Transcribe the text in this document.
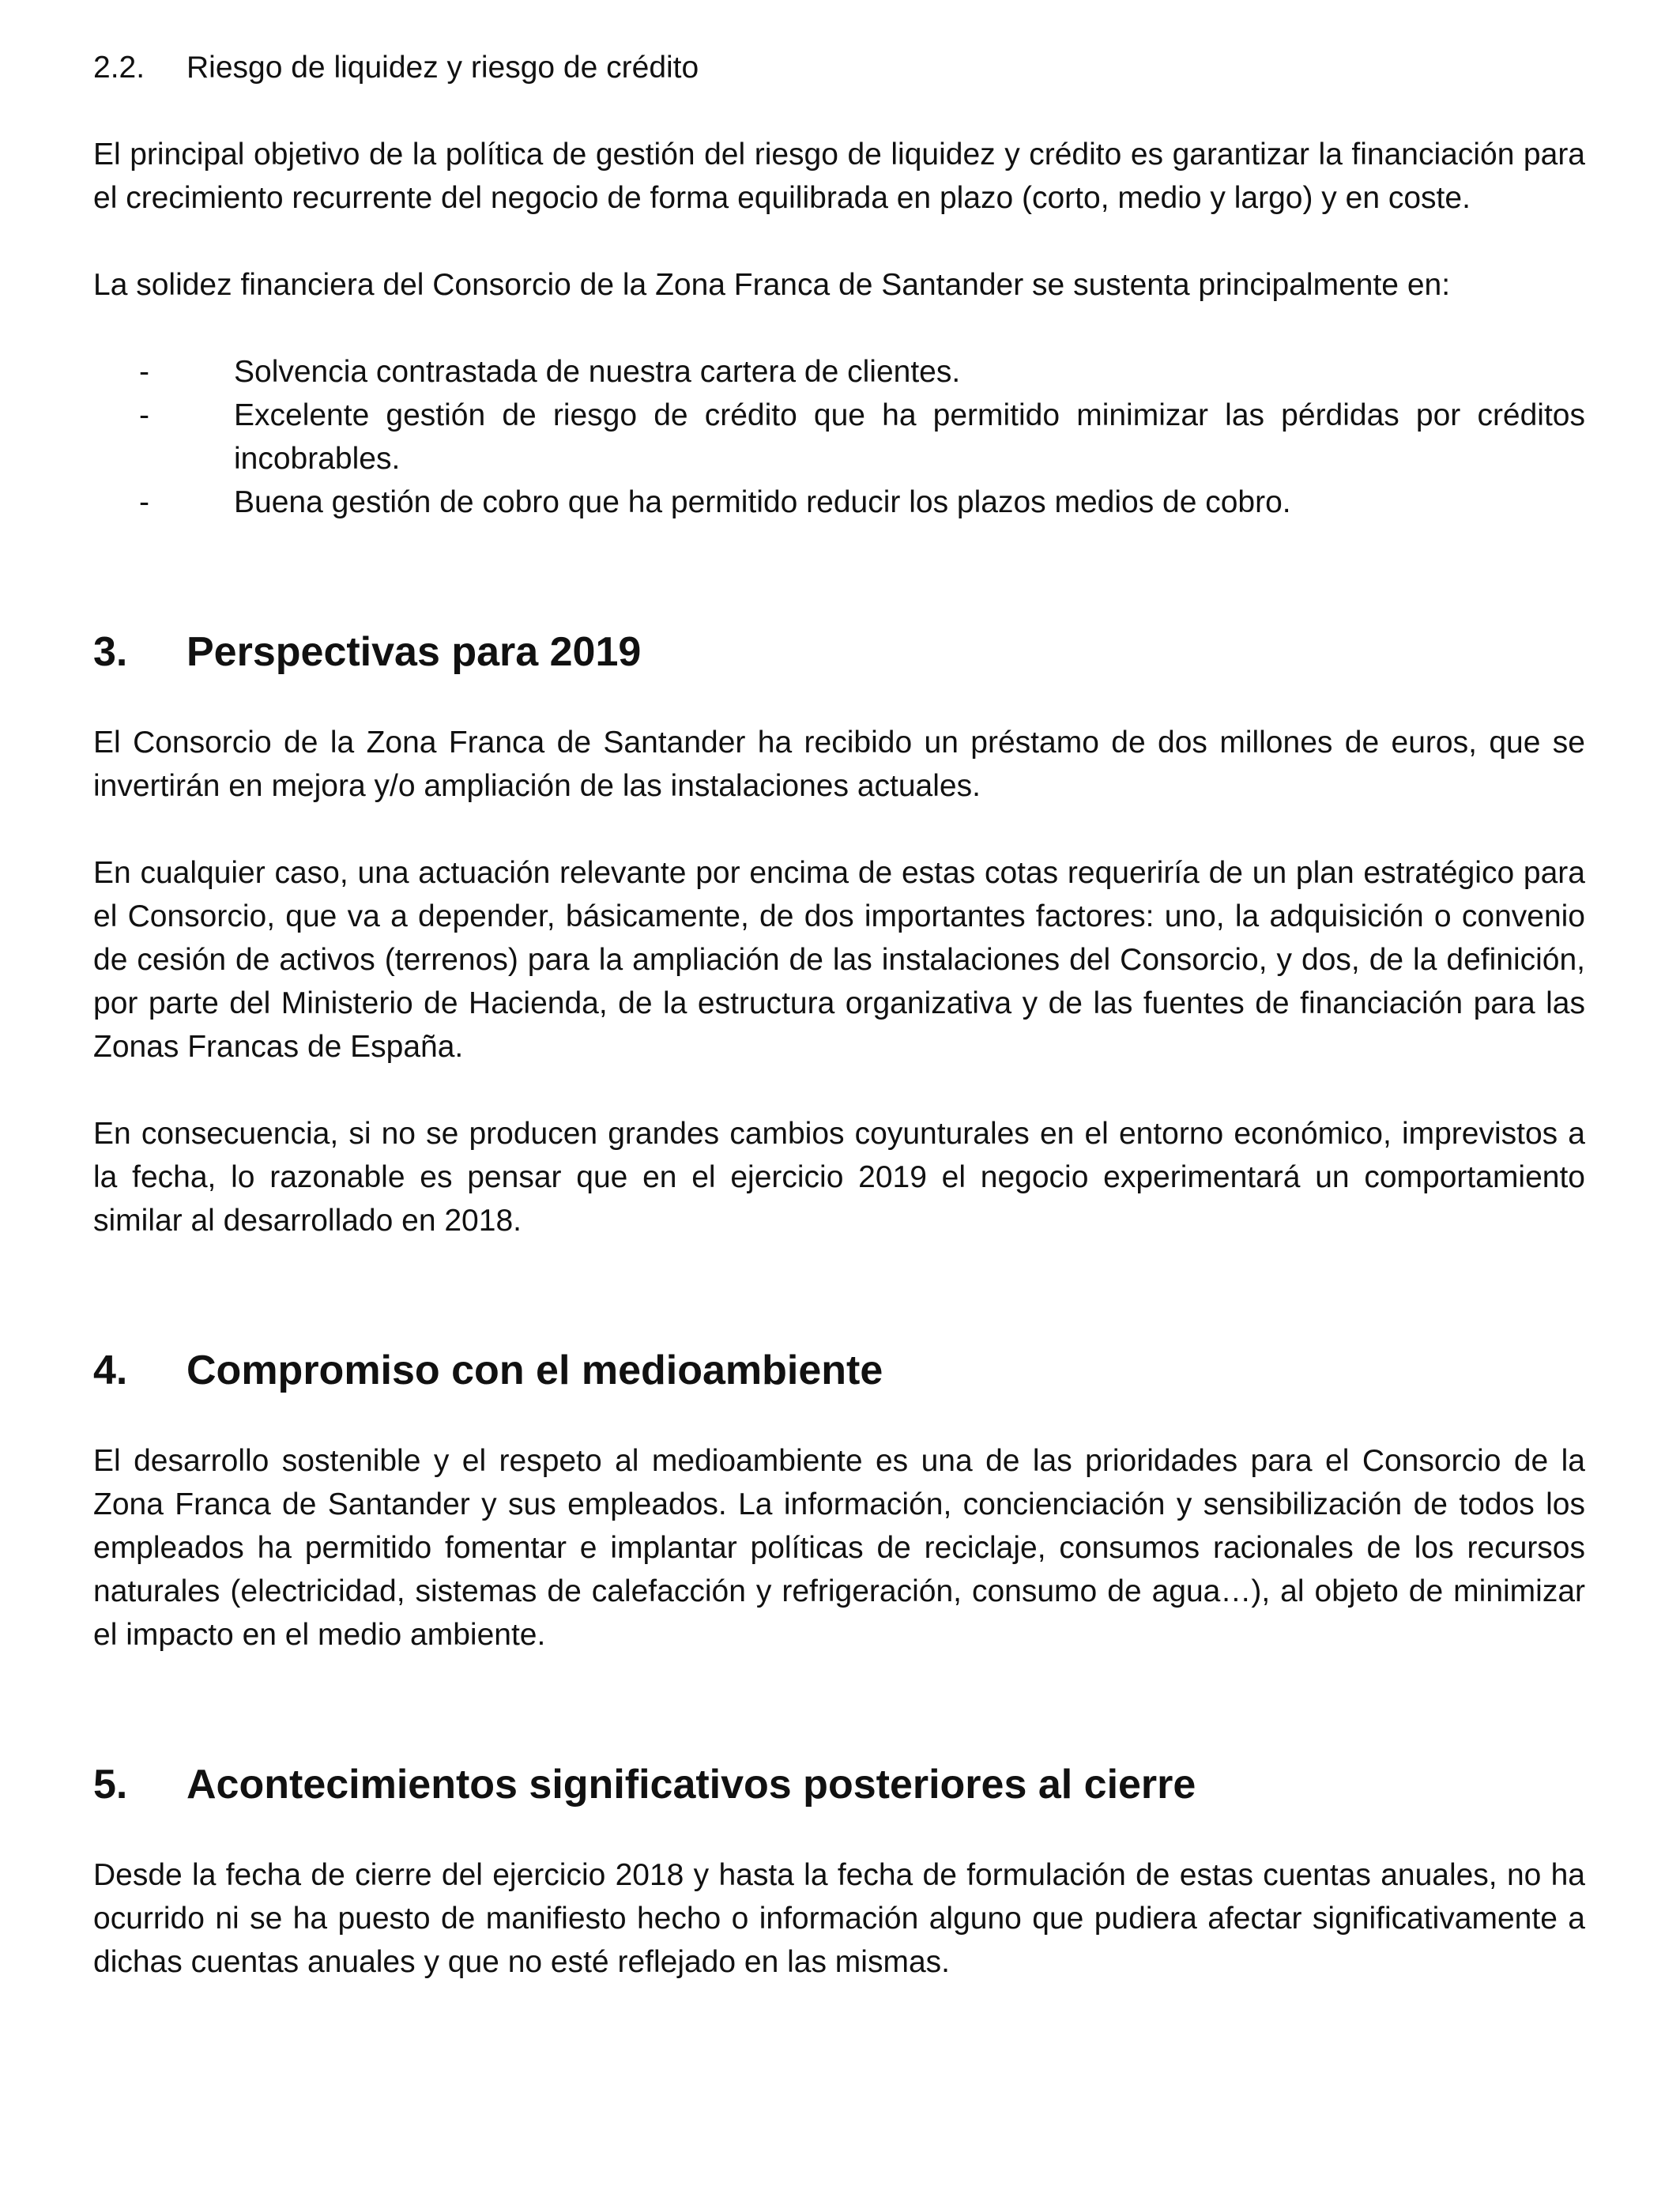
2.2.	Riesgo de liquidez y riesgo de crédito

El principal objetivo de la política de gestión del riesgo de liquidez y crédito es garantizar la financiación para el crecimiento recurrente del negocio de forma equilibrada en plazo (corto, medio y largo) y en coste.

La solidez financiera del Consorcio de la Zona Franca de Santander se sustenta principalmente en:

-	Solvencia contrastada de nuestra cartera de clientes.
-	Excelente gestión de riesgo de crédito que ha permitido minimizar las pérdidas por créditos incobrables.
-	Buena gestión de cobro que ha permitido reducir los plazos medios de cobro.
3.	Perspectivas para 2019

El Consorcio de la Zona Franca de Santander ha recibido un préstamo de dos millones de euros, que se invertirán en mejora y/o ampliación de las instalaciones actuales.

En cualquier caso, una actuación relevante por encima de estas cotas requeriría de un plan estratégico para el Consorcio, que va a depender, básicamente, de dos importantes factores: uno, la adquisición o convenio de cesión de activos (terrenos) para la ampliación de las instalaciones del Consorcio, y dos, de la definición, por parte del Ministerio de Hacienda, de la estructura organizativa y de las fuentes de financiación para las Zonas Francas de España.

En consecuencia, si no se producen grandes cambios coyunturales en el entorno económico, imprevistos a la fecha, lo razonable es pensar que en el ejercicio 2019 el negocio experimentará un comportamiento similar al desarrollado en 2018.

4.	Compromiso con el medioambiente

El desarrollo sostenible y el respeto al medioambiente es una de las prioridades para el Consorcio de la Zona Franca de Santander y sus empleados. La información, concienciación y sensibilización de todos los empleados ha permitido fomentar e implantar políticas de reciclaje, consumos racionales de los recursos naturales (electricidad, sistemas de calefacción y refrigeración, consumo de agua…), al objeto de minimizar el impacto en el medio ambiente.

5.	Acontecimientos significativos posteriores al cierre

Desde la fecha de cierre del ejercicio 2018 y hasta la fecha de formulación de estas cuentas anuales, no ha ocurrido ni se ha puesto de manifiesto hecho o información alguno que pudiera afectar significativamente a dichas cuentas anuales y que no esté reflejado en las mismas.
